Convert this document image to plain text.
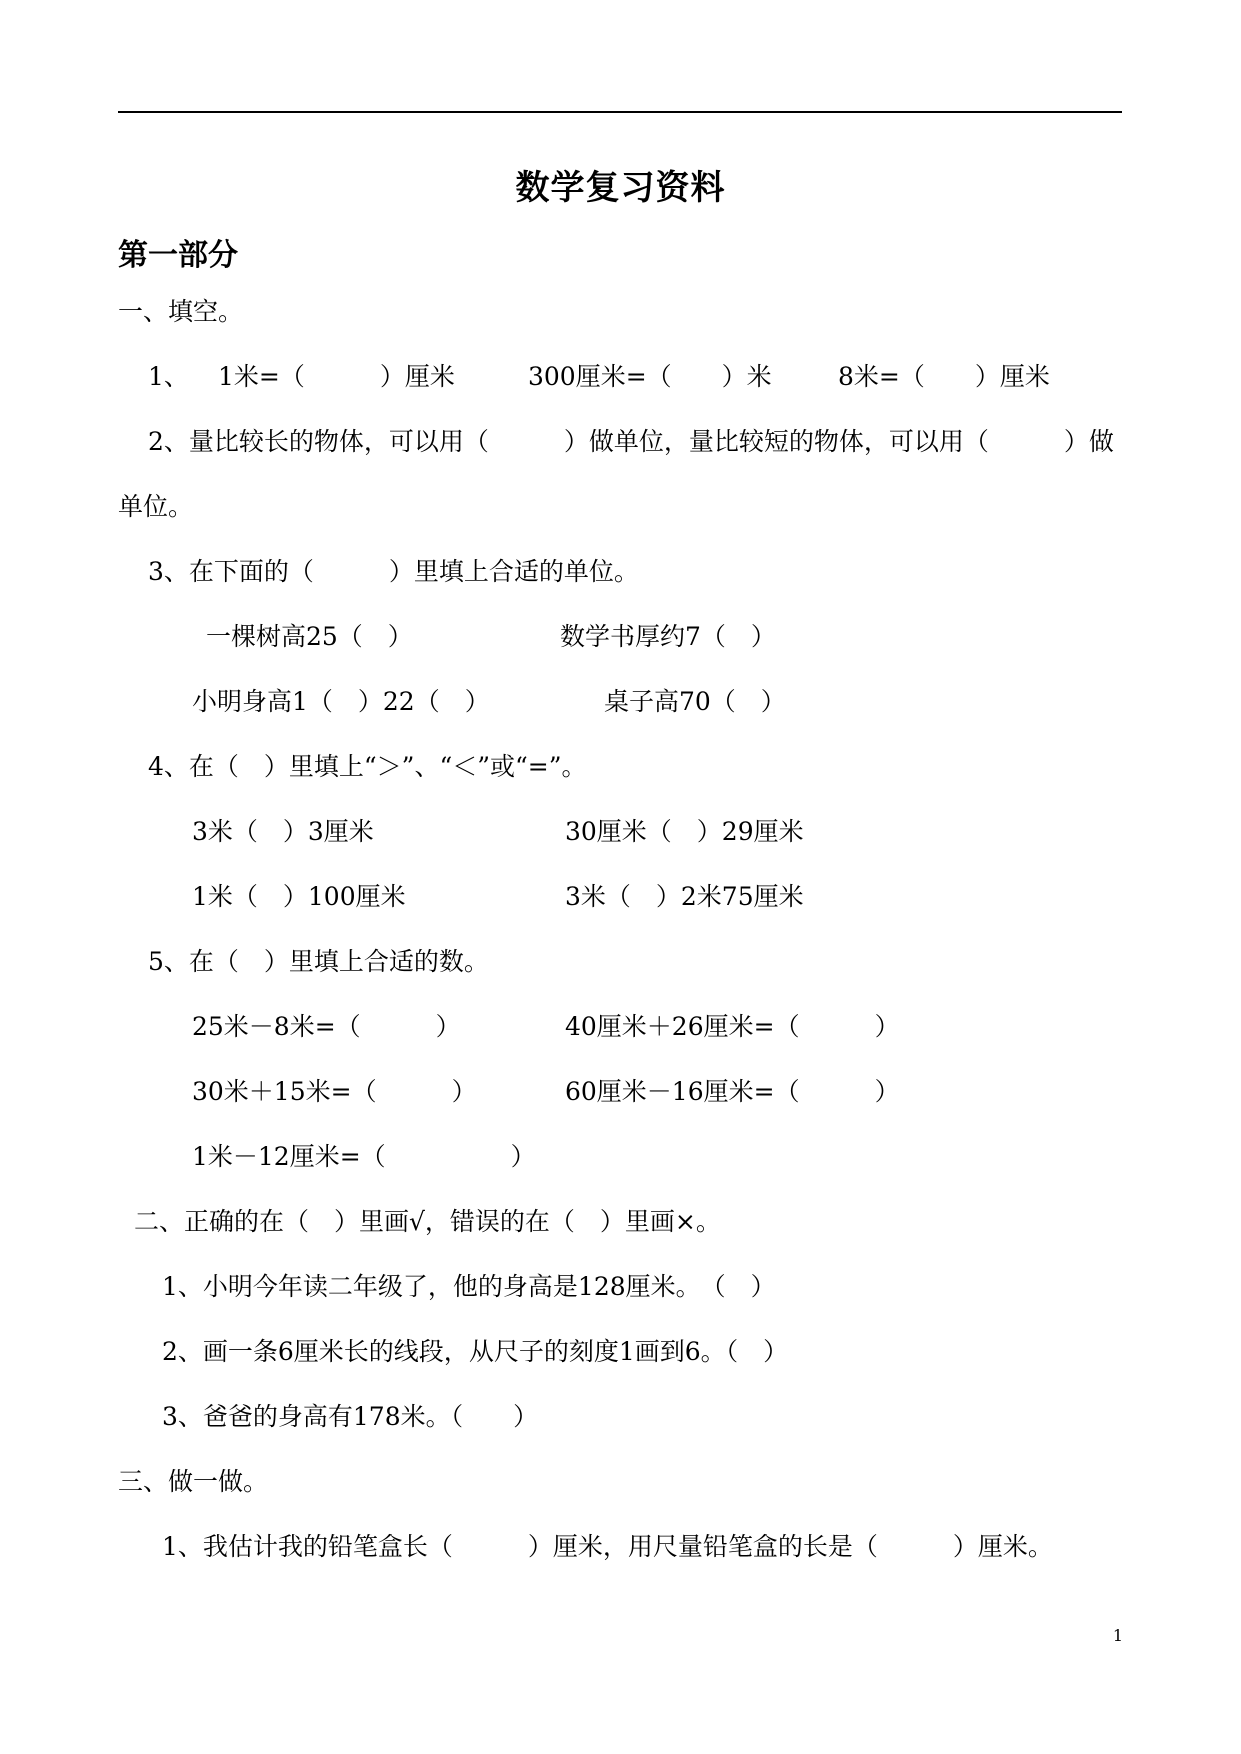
数学复习资料
第一部分
一、填空。
1、 1米=（　　　）厘米	300厘米=（　　）米	8米=（　　）厘米
2、量比较长的物体，可以用（　　　）做单位，量比较短的物体，可以用（　　　）做
单位。
3、在下面的（　　　）里填上合适的单位。
一棵树高25（　）	数学书厚约7（　）
小明身高1（　）22（　）	桌子高70（　）
4、在（　）里填上“＞”、“＜”或“=”。
3米（　）3厘米	30厘米（　）29厘米
1米（　）100厘米	3米（　）2米75厘米
5、在（　）里填上合适的数。
25米－8米=（　　　）	40厘米＋26厘米=（　　　）
30米＋15米=（　　　）	60厘米－16厘米=（　　　）
1米－12厘米=（　　　　　）
二、正确的在（　）里画√，错误的在（　）里画×。
1、小明今年读二年级了，他的身高是128厘米。　（　）
2、画一条6厘米长的线段，从尺子的刻度1画到6。（　）
3、爸爸的身高有178米。（　　）
三、做一做。
1、我估计我的铅笔盒长（　　　）厘米，用尺量铅笔盒的长是（　　　）厘米。
1
